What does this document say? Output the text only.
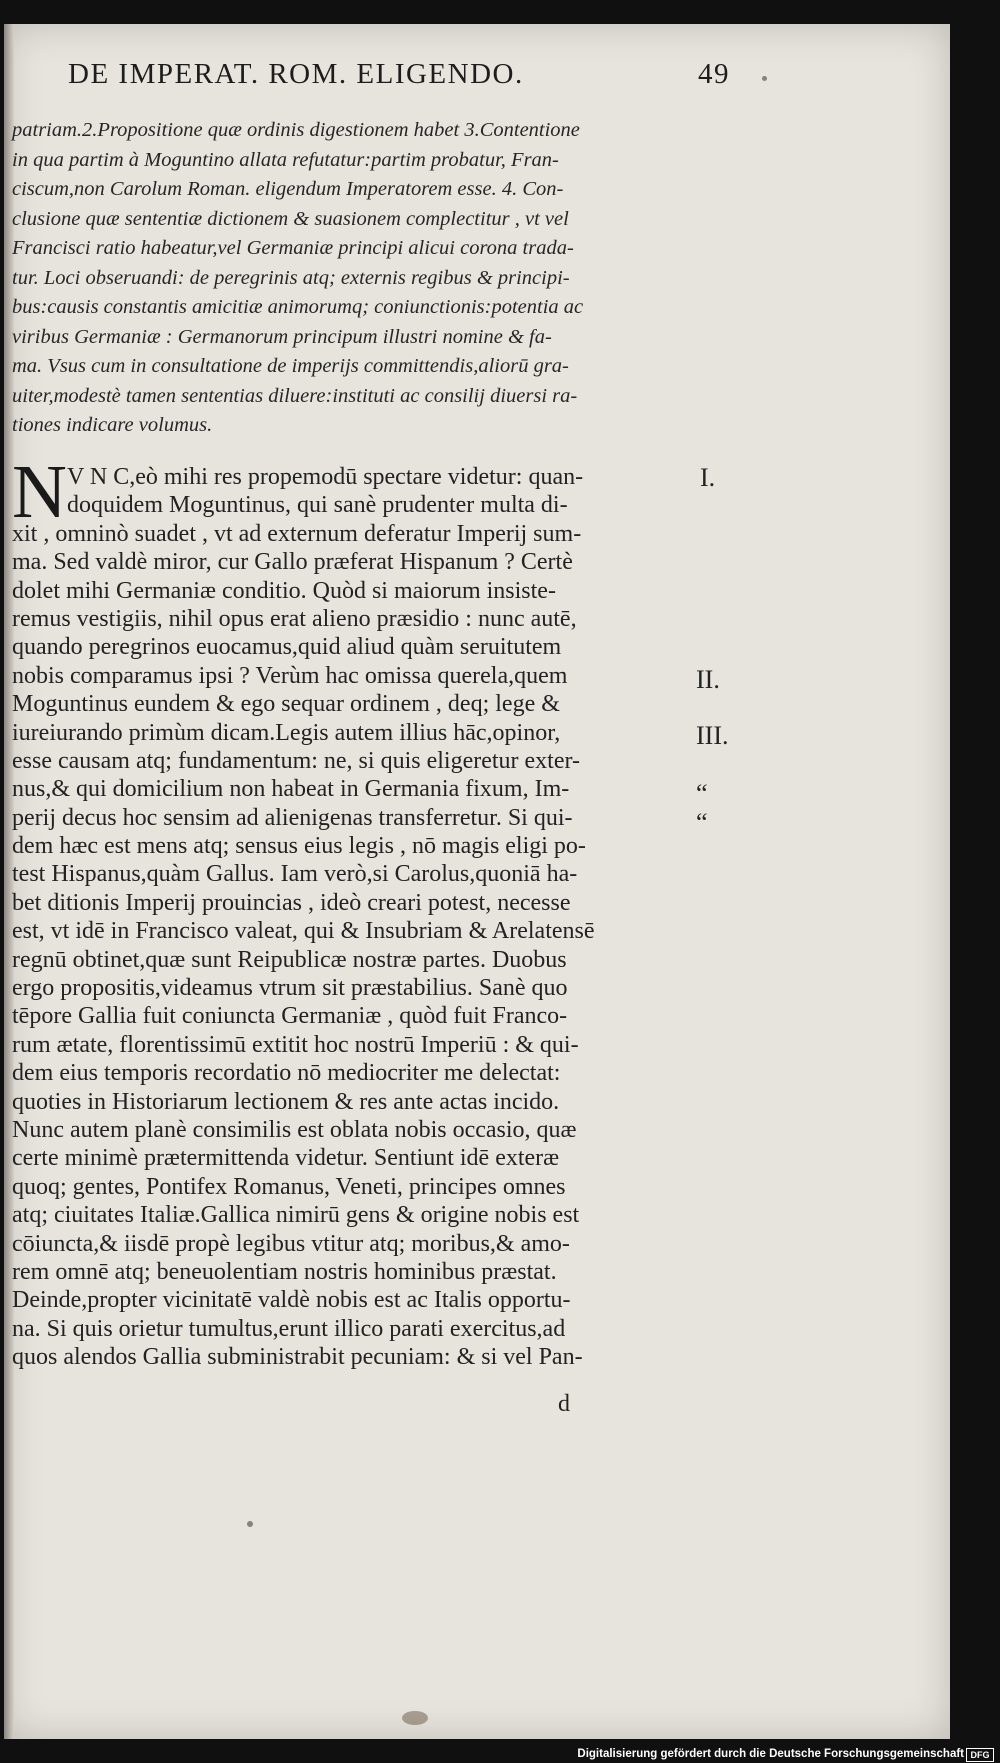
DE IMPERAT. ROM. ELIGENDO.	49
patriam.2.Propositione quæ ordinis digestionem habet 3.Contentione
in qua partim à Moguntino allata refutatur:partim probatur, Fran-
ciscum,non Carolum Roman. eligendum Imperatorem esse. 4. Con-
clusione quæ sententiæ dictionem & suasionem complectitur , vt vel
Francisci ratio habeatur,vel Germaniæ principi alicui corona trada-
tur. Loci obseruandi: de peregrinis atq; externis regibus & principi-
bus:causis constantis amicitiæ animorumq; coniunctionis:potentia ac
viribus Germaniæ : Germanorum principum illustri nomine & fa-
ma. Vsus cum in consultatione de imperijs committendis,aliorū gra-
uiter,modestè tamen sententias diluere:instituti ac consilij diuersi ra-
tiones indicare volumus.
N V N C,eò mihi res propemodū spectare videtur: quan-
doquidem Moguntinus, qui sanè prudenter multa di-
xit , omninò suadet , vt ad externum deferatur Imperij sum-
ma. Sed valdè miror, cur Gallo præferat Hispanum ? Certè
dolet mihi Germaniæ conditio. Quòd si maiorum insiste-
remus vestigiis, nihil opus erat alieno præsidio : nunc autē,
quando peregrinos euocamus,quid aliud quàm seruitutem
nobis comparamus ipsi ? Verùm hac omissa querela,quem
Moguntinus eundem & ego sequar ordinem , deq; lege &
iureiurando primùm dicam.Legis autem illius hāc,opinor,
esse causam atq; fundamentum: ne, si quis eligeretur exter-
nus,& qui domicilium non habeat in Germania fixum, Im-
perij decus hoc sensim ad alienigenas transferretur. Si qui-
dem hæc est mens atq; sensus eius legis , nō magis eligi po-
test Hispanus,quàm Gallus. Iam verò,si Carolus,quoniā ha-
bet ditionis Imperij prouincias , ideò creari potest, necesse
est, vt idē in Francisco valeat, qui & Insubriam & Arelatensē
regnū obtinet,quæ sunt Reipublicæ nostræ partes. Duobus
ergo propositis,videamus vtrum sit præstabilius. Sanè quo
tēpore Gallia fuit coniuncta Germaniæ , quòd fuit Franco-
rum ætate, florentissimū extitit hoc nostrū Imperiū : & qui-
dem eius temporis recordatio nō mediocriter me delectat:
quoties in Historiarum lectionem & res ante actas incido.
Nunc autem planè consimilis est oblata nobis occasio, quæ
certe minimè prætermittenda videtur. Sentiunt idē exteræ
quoq; gentes, Pontifex Romanus, Veneti, principes omnes
atq; ciuitates Italiæ.Gallica nimirū gens & origine nobis est
cōiuncta,& iisdē propè legibus vtitur atq; moribus,& amo-
rem omnē atq; beneuolentiam nostris hominibus præstat.
Deinde,propter vicinitatē valdè nobis est ac Italis opportu-
na. Si quis orietur tumultus,erunt illico parati exercitus,ad
quos alendos Gallia subministrabit pecuniam: & si vel Pan-
I.
II.
III.
“
“
d
Digitalisierung gefördert durch die Deutsche Forschungsgemeinschaft DFG
